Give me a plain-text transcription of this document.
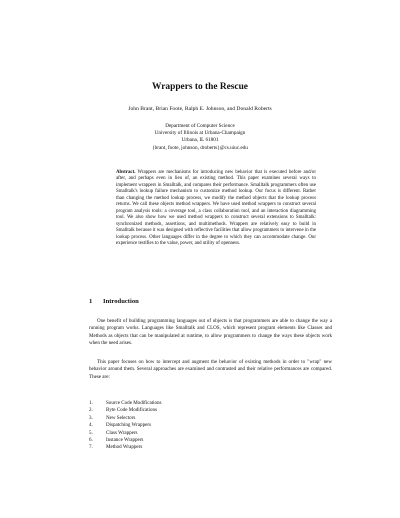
Wrappers to the Rescue
John Brant, Brian Foote, Ralph E. Johnson, and Donald Roberts
Department of Computer Science
University of Illinois at Urbana-Champaign
Urbana, IL 61801
{brant, foote, johnson, droberts}@cs.uiuc.edu
Abstract. Wrappers are mechanisms for introducing new behavior that is executed before and/or after, and perhaps even in lieu of, an existing method. This paper examines several ways to implement wrappers in Smalltalk, and compares their performance. Smalltalk programmers often use Smalltalk's lookup failure mechanism to customize method lookup. Our focus is different. Rather than changing the method lookup process, we modify the method objects that the lookup process returns. We call these objects method wrappers. We have used method wrappers to construct several program analysis tools: a coverage tool, a class collaboration tool, and an interaction diagramming tool. We also show how we used method wrappers to construct several extensions to Smalltalk: synchronized methods, assertions, and multimethods. Wrappers are relatively easy to build in Smalltalk because it was designed with reflective facilities that allow programmers to intervene in the lookup process. Other languages differ in the degree to which they can accommodate change. Our experience testifies to the value, power, and utility of openness.
1 Introduction
One benefit of building programming languages out of objects is that programmers are able to change the way a running program works. Languages like Smalltalk and CLOS, which represent program elements like Classes and Methods as objects that can be manipulated at runtime, to allow programmers to change the ways these objects work when the need arises.
This paper focuses on how to intercept and augment the behavior of existing methods in order to "wrap" new behavior around them. Several approaches are examined and contrasted and their relative performances are compared. These are:
1.	Source Code Modifications
2.	Byte Code Modifications
3.	New Selectors
4.	Dispatching Wrappers
5.	Class Wrappers
6.	Instance Wrappers
7.	Method Wrappers
